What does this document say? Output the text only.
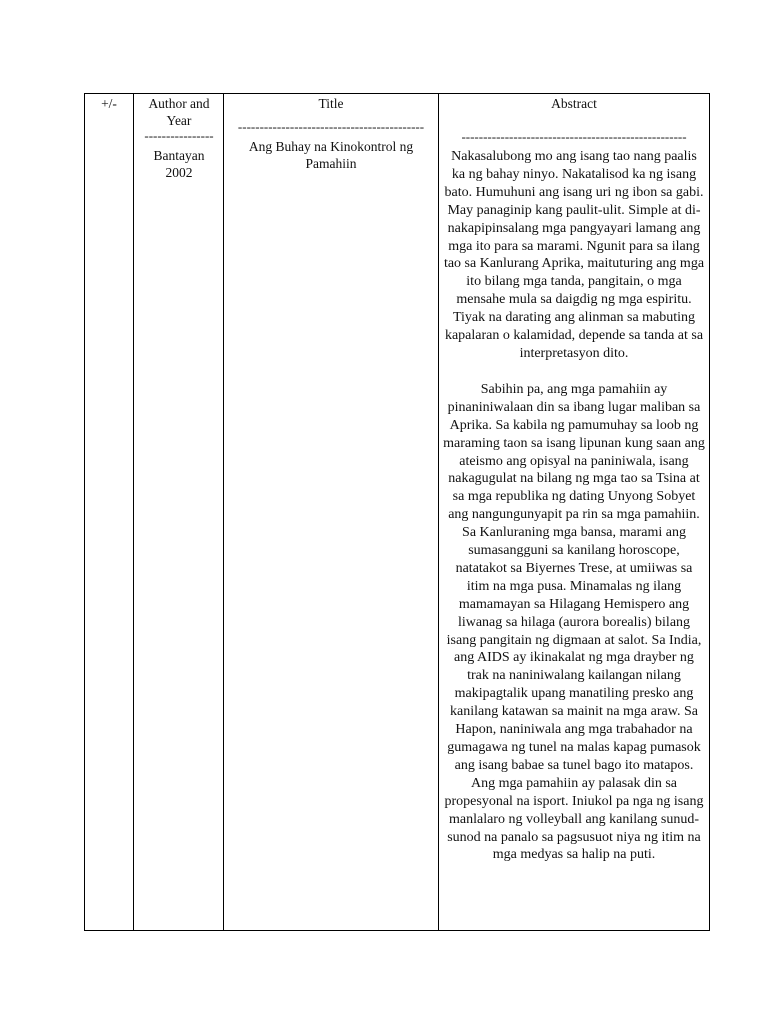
+/-	Author and Year
----------------
Bantayan
2002
Title
-------------------------------------------
Ang Buhay na Kinokontrol ng Pamahiin
Abstract
----------------------------------------------------

Nakasalubong mo ang isang tao nang paalis ka ng bahay ninyo. Nakatalisod ka ng isang bato. Humuhuni ang isang uri ng ibon sa gabi. May panaginip kang paulit-ulit. Simple at di-nakapipinsalang mga pangyayari lamang ang mga ito para sa marami. Ngunit para sa ilang tao sa Kanlurang Aprika, maituturing ang mga ito bilang mga tanda, pangitain, o mga mensahe mula sa daigdig ng mga espiritu. Tiyak na darating ang alinman sa mabuting kapalaran o kalamidad, depende sa tanda at sa interpretasyon dito.

Sabihin pa, ang mga pamahiin ay pinaniniwalaan din sa ibang lugar maliban sa Aprika. Sa kabila ng pamumuhay sa loob ng maraming taon sa isang lipunan kung saan ang ateismo ang opisyal na paniniwala, isang nakagugulat na bilang ng mga tao sa Tsina at sa mga republika ng dating Unyong Sobyet ang nangungunyapit pa rin sa mga pamahiin. Sa Kanluraning mga bansa, marami ang sumasangguni sa kanilang horoscope, natatakot sa Biyernes Trese, at umiiwas sa itim na mga pusa. Minamalas ng ilang mamamayan sa Hilagang Hemispero ang liwanag sa hilaga (aurora borealis) bilang isang pangitain ng digmaan at salot. Sa India, ang AIDS ay ikinakalat ng mga drayber ng trak na naniniwalang kailangan nilang makipagtalik upang manatiling presko ang kanilang katawan sa mainit na mga araw. Sa Hapon, naniniwala ang mga trabahador na gumagawa ng tunel na malas kapag pumasok ang isang babae sa tunel bago ito matapos. Ang mga pamahiin ay palasak din sa propesyonal na isport. Iniukol pa nga ng isang manlalaro ng volleyball ang kanilang sunud-sunod na panalo sa pagsusuot niya ng itim na mga medyas sa halip na puti.
